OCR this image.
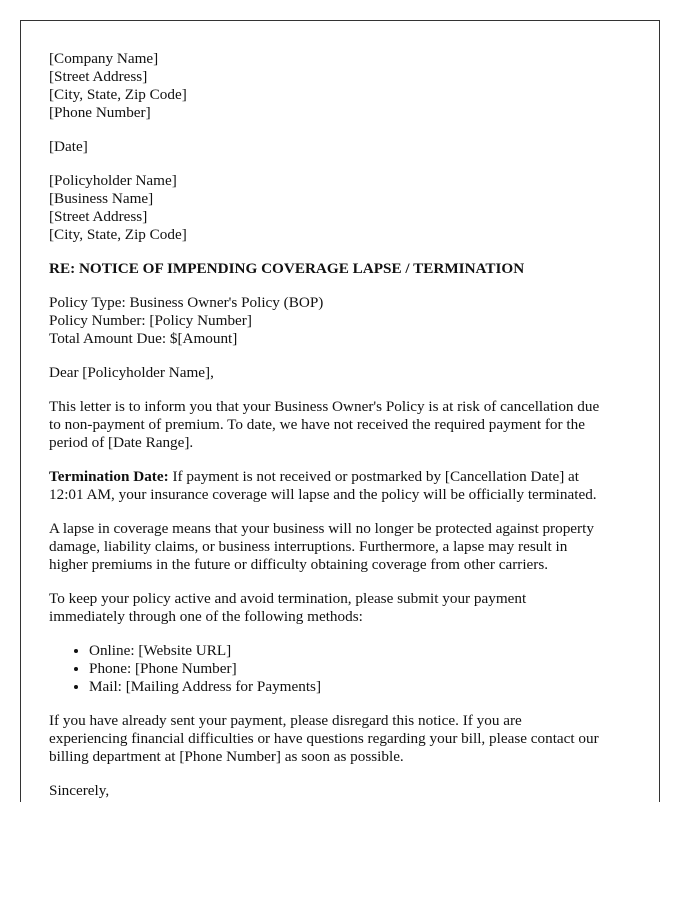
[Company Name]
[Street Address]
[City, State, Zip Code]
[Phone Number]
[Date]
[Policyholder Name]
[Business Name]
[Street Address]
[City, State, Zip Code]
RE: NOTICE OF IMPENDING COVERAGE LAPSE / TERMINATION
Policy Type: Business Owner's Policy (BOP)
Policy Number: [Policy Number]
Total Amount Due: $[Amount]
Dear [Policyholder Name],
This letter is to inform you that your Business Owner's Policy is at risk of cancellation due
to non-payment of premium. To date, we have not received the required payment for the
period of [Date Range].
Termination Date: If payment is not received or postmarked by [Cancellation Date] at
12:01 AM, your insurance coverage will lapse and the policy will be officially terminated.
A lapse in coverage means that your business will no longer be protected against property
damage, liability claims, or business interruptions. Furthermore, a lapse may result in
higher premiums in the future or difficulty obtaining coverage from other carriers.
To keep your policy active and avoid termination, please submit your payment
immediately through one of the following methods:
• Online: [Website URL]
• Phone: [Phone Number]
• Mail: [Mailing Address for Payments]
If you have already sent your payment, please disregard this notice. If you are
experiencing financial difficulties or have questions regarding your bill, please contact our
billing department at [Phone Number] as soon as possible.
Sincerely,
